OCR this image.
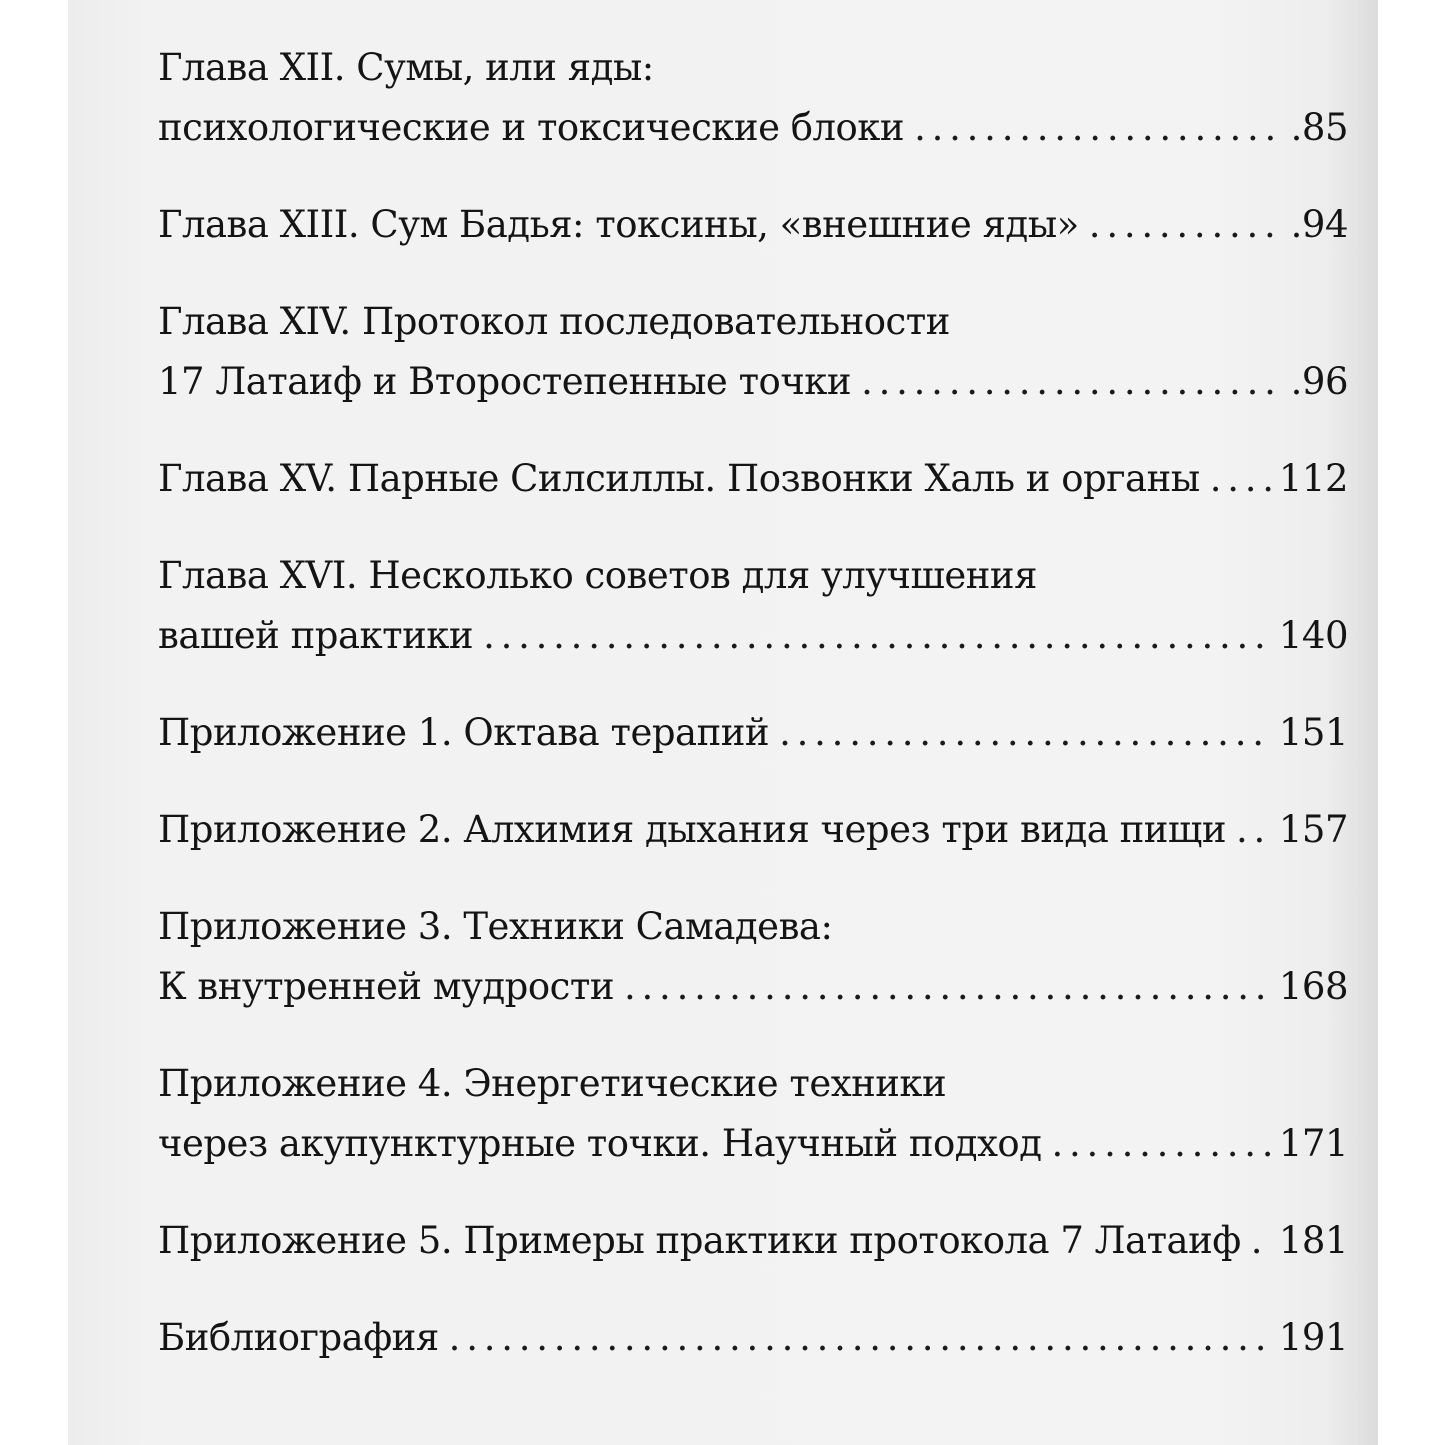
Глава XII. Сумы, или яды:
психологические и токсические блоки . . .	.85
Глава XIII. Сум Бадья: токсины, «внешние яды» . . .	.94
Глава XIV. Протокол последовательности
17 Латаиф и Второстепенные точки . . .	.96
Глава XV. Парные Силсиллы. Позвонки Халь и органы . . . 112
Глава XVI. Несколько советов для улучшения
вашей практики . . .	140
Приложение 1. Октава терапий . . .	151
Приложение 2. Алхимия дыхания через три вида пищи . . . 157
Приложение 3. Техники Самадева:
К внутренней мудрости . . .	168
Приложение 4. Энергетические техники
через акупунктурные точки. Научный подход . . .	171
Приложение 5. Примеры практики протокола 7 Латаиф . . . 181
Библиография . . .	191
